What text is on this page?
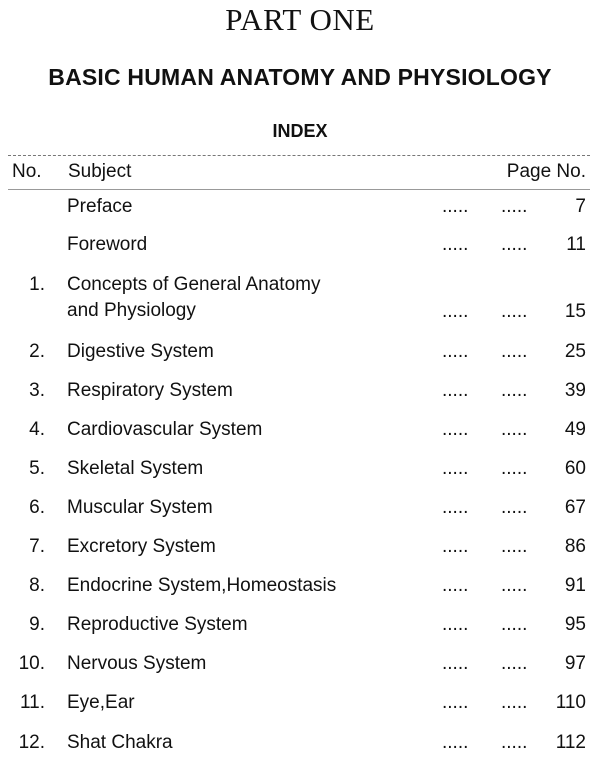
PART ONE
BASIC HUMAN ANATOMY AND PHYSIOLOGY
INDEX
No. Subject	Page No.
Preface	..... .....	7
Foreword	..... ..... 11
1. Concepts of General Anatomy
and Physiology	..... ..... 15
2. Digestive System	..... ..... 25
3. Respiratory System	..... ..... 39
4. Cardiovascular System	..... ..... 49
5. Skeletal System	..... ..... 60
6. Muscular System	..... ..... 67
7. Excretory System	..... ..... 86
8. Endocrine System,Homeostasis	..... ..... 91
9. Reproductive System	..... ..... 95
10. Nervous System	..... ..... 97
11. Eye,Ear	..... ..... 110
12. Shat Chakra	..... ..... 112
